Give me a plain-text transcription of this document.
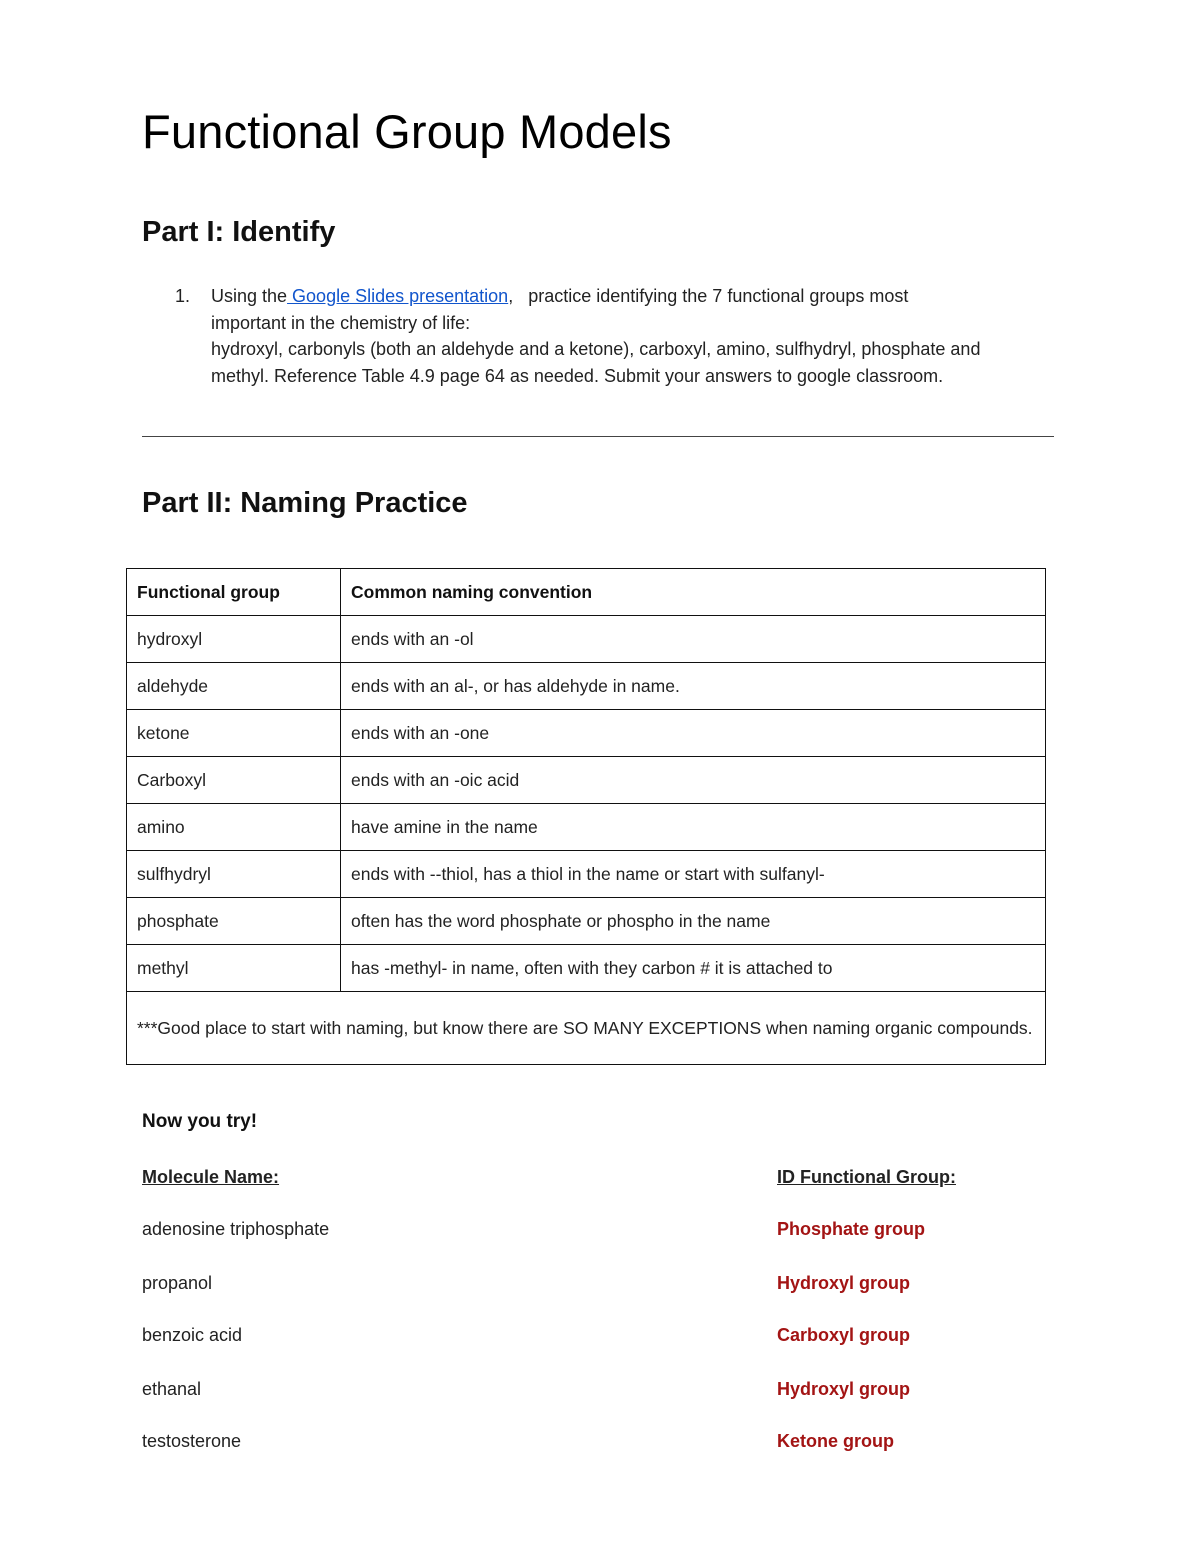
Functional Group Models
Part I: Identify
1. Using the Google Slides presentation,   practice identifying the 7 functional groups most
important in the chemistry of life:
hydroxyl, carbonyls (both an aldehyde and a ketone), carboxyl, amino, sulfhydryl, phosphate and
methyl. Reference Table 4.9 page 64 as needed. Submit your answers to google classroom.
Part II: Naming Practice
Functional group	Common naming convention
hydroxyl	ends with an -ol
aldehyde	ends with an al-, or has aldehyde in name.
ketone	ends with an -one
Carboxyl	ends with an -oic acid
amino	have amine in the name
sulfhydryl	ends with --thiol, has a thiol in the name or start with sulfanyl-
phosphate	often has the word phosphate or phospho in the name
methyl	has -methyl- in name, often with they carbon # it is attached to
***Good place to start with naming, but know there are SO MANY EXCEPTIONS when naming organic compounds.	
Now you try!
Molecule Name:	ID Functional Group:
adenosine triphosphate	Phosphate group
propanol	Hydroxyl group
benzoic acid	Carboxyl group
ethanal	Hydroxyl group
testosterone	Ketone group
